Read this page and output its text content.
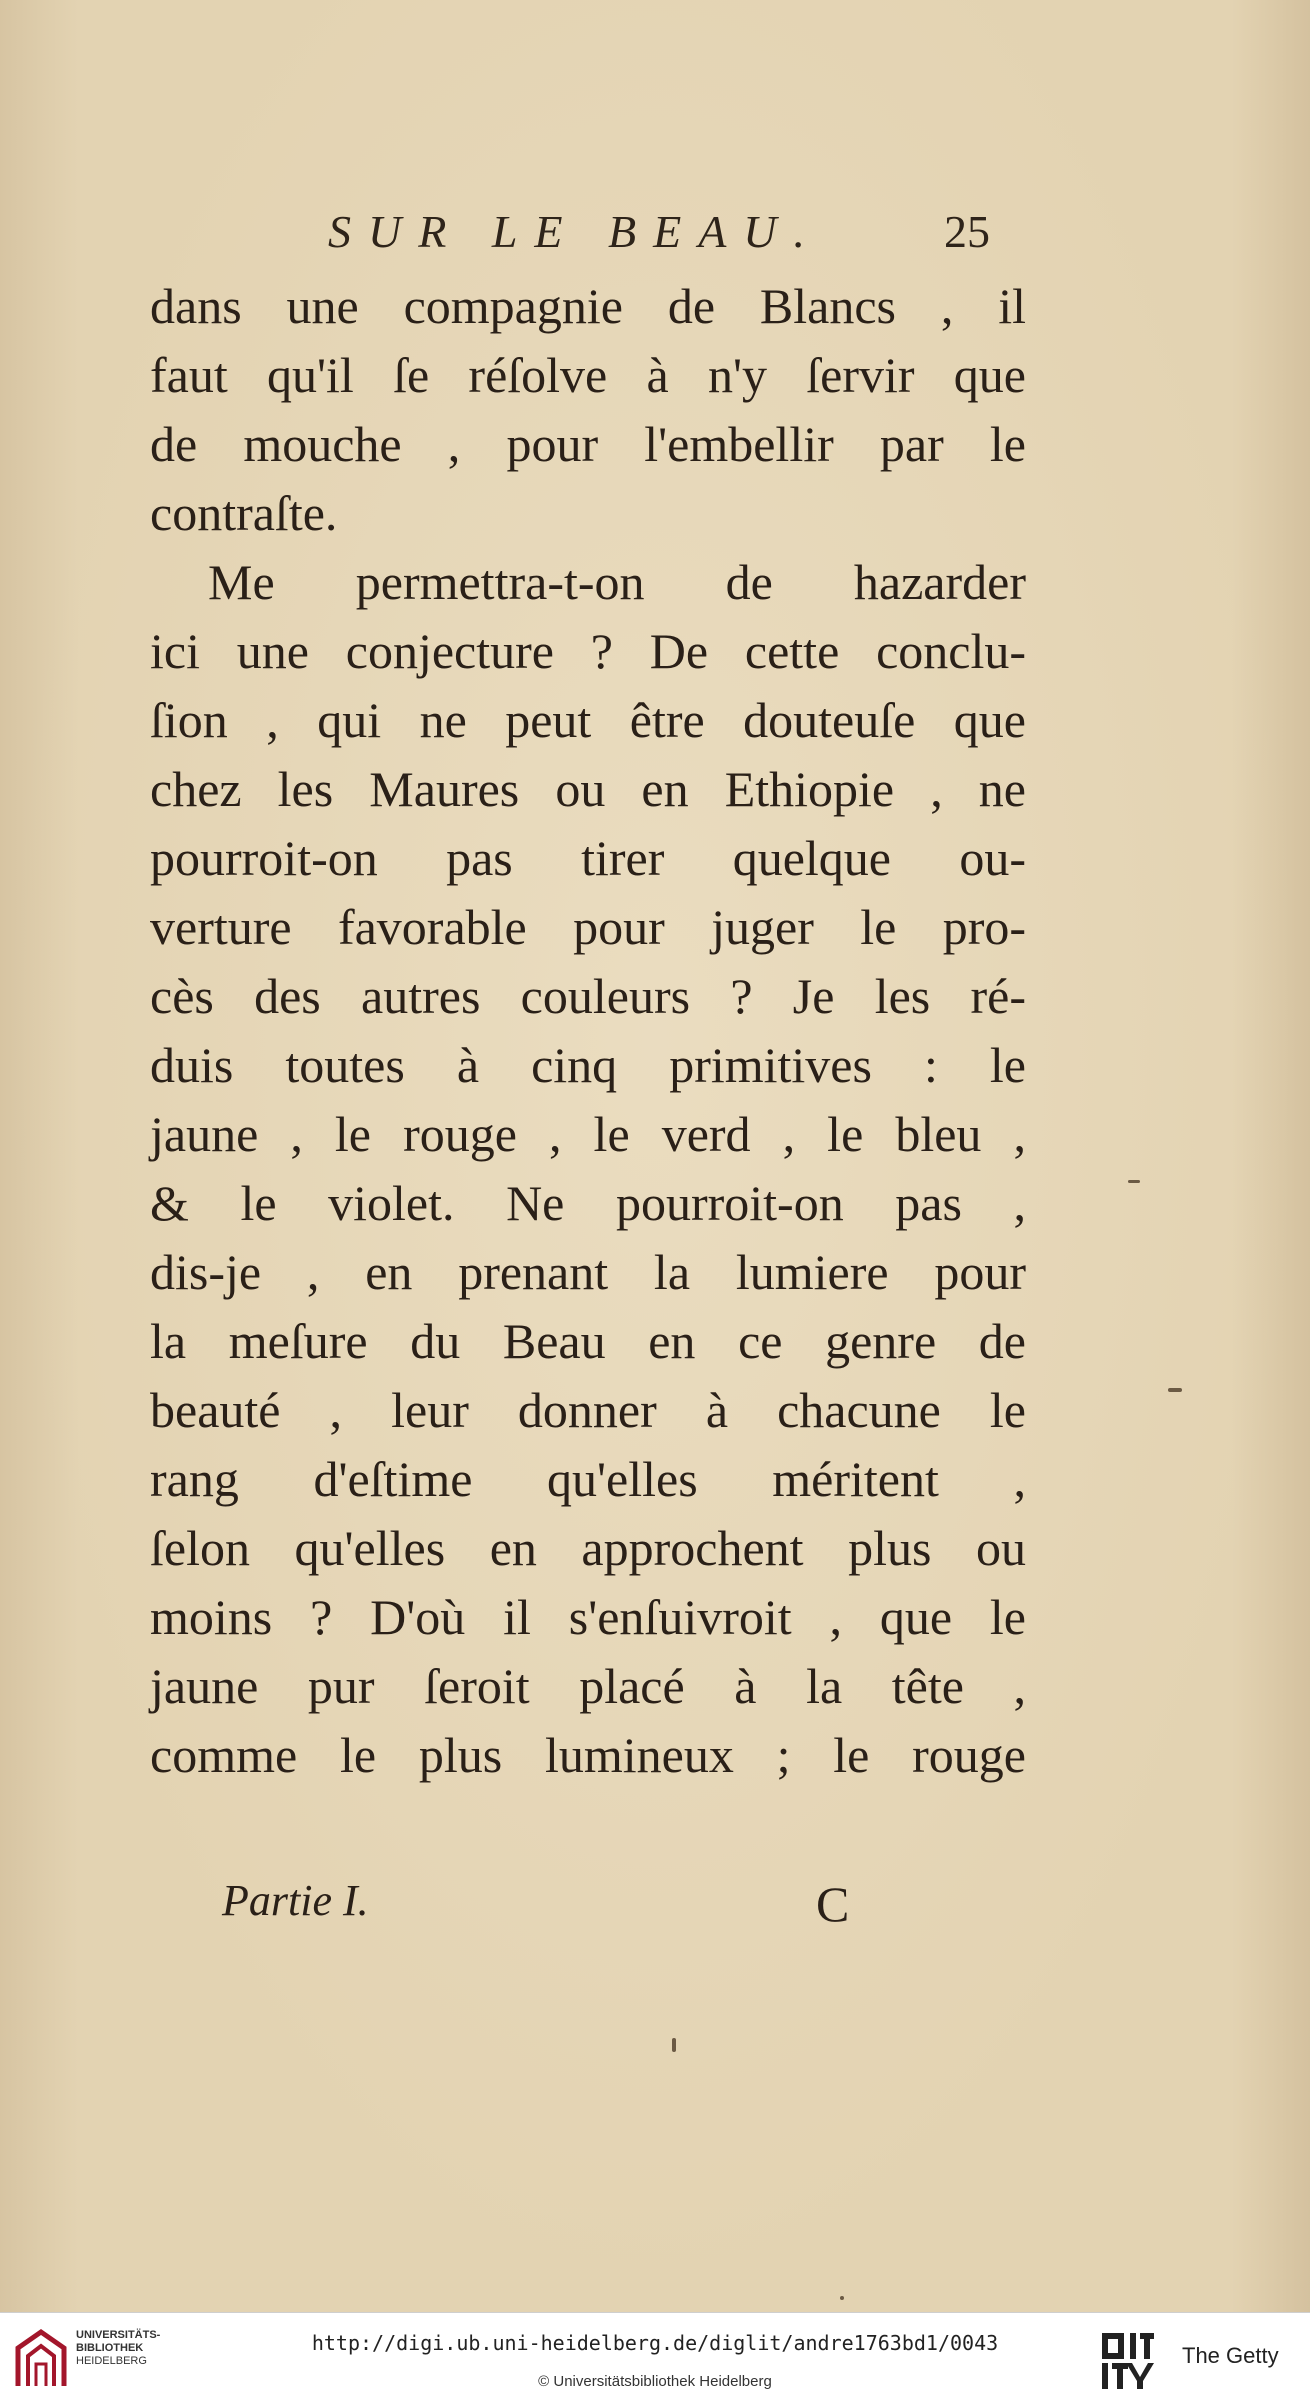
SUR LE BEAU.	25
dans une compagnie de Blancs , il
faut qu'il ſe réſolve à n'y ſervir que
de mouche , pour l'embellir par le
contraſte.
Me permettra-t-on de hazarder
ici une conjecture ? De cette conclu-
ſion , qui ne peut être douteuſe que
chez les Maures ou en Ethiopie , ne
pourroit-on pas tirer quelque ou-
verture favorable pour juger le pro-
cès des autres couleurs ? Je les ré-
duis toutes à cinq primitives : le
jaune , le rouge , le verd , le bleu ,
& le violet. Ne pourroit-on pas ,
dis-je , en prenant la lumiere pour
la meſure du Beau en ce genre de
beauté , leur donner à chacune le
rang d'eſtime qu'elles méritent ,
ſelon qu'elles en approchent plus ou
moins ? D'où il s'enſuivroit , que le
jaune pur ſeroit placé à la tête ,
comme le plus lumineux ; le rouge
Partie I.	C
UNIVERSITÄTS-
BIBLIOTHEK
HEIDELBERG
http://digi.ub.uni-heidelberg.de/diglit/andre1763bd1/0043
© Universitätsbibliothek Heidelberg
The Getty
